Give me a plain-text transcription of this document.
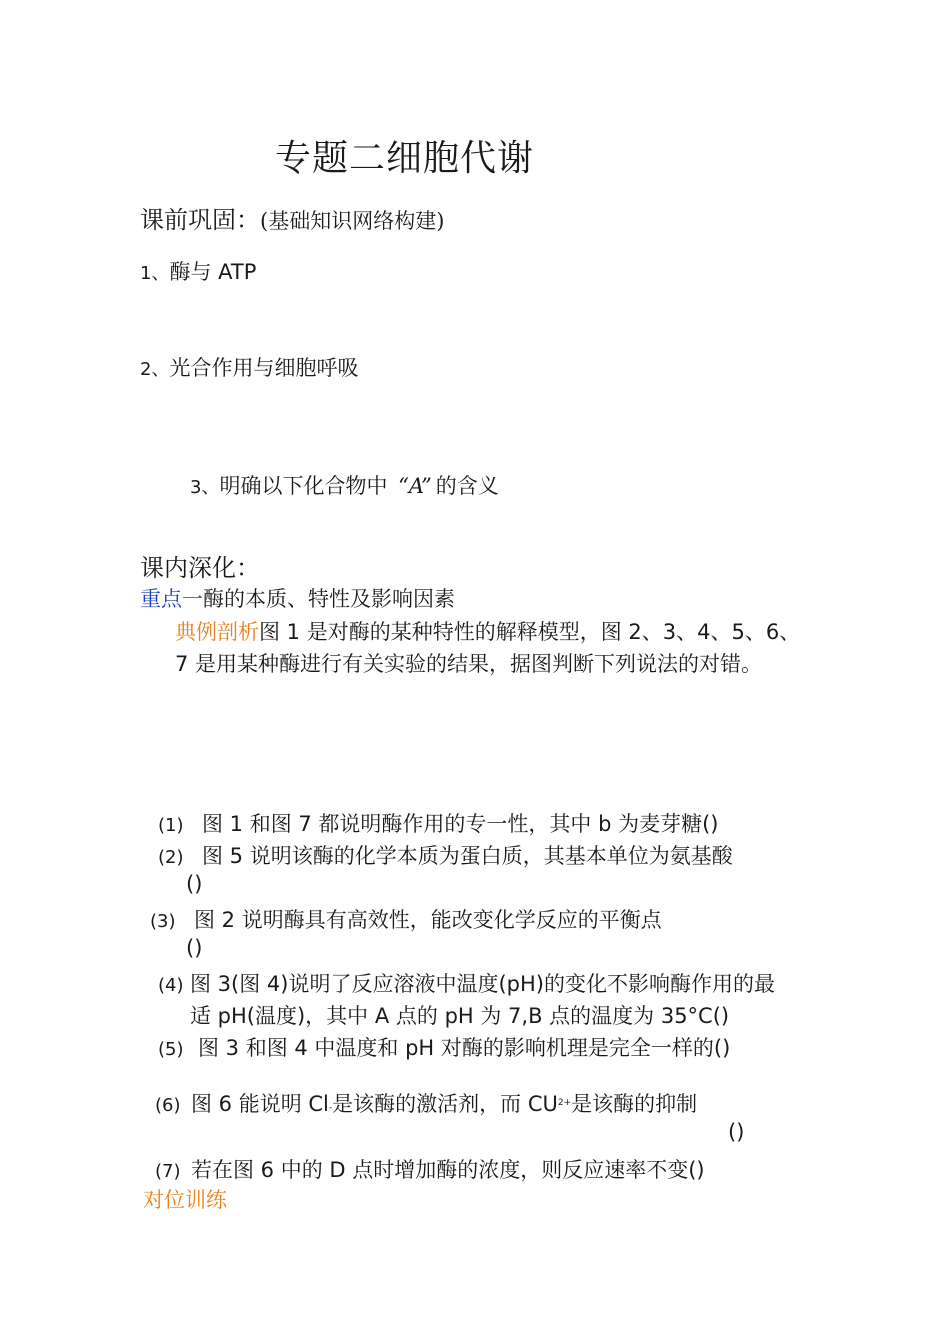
专题二细胞代谢
课前巩固：(基础知识网络构建)
1、酶与 ATP
2、光合作用与细胞呼吸
3、明确以下化合物中 “A” 的含义
课内深化：
重点一酶的本质、特性及影响因素
典例剖析图 1 是对酶的某种特性的解释模型，图 2、3、4、5、6、
7 是用某种酶进行有关实验的结果，据图判断下列说法的对错。
(1) 图 1 和图 7 都说明酶作用的专一性，其中 b 为麦芽糖()
(2) 图 5 说明该酶的化学本质为蛋白质，其基本单位为氨基酸
()
(3) 图 2 说明酶具有高效性，能改变化学反应的平衡点
()
(4) 图 3(图 4)说明了反应溶液中温度(pH)的变化不影响酶作用的最
适 pH(温度)，其中 A 点的 pH 为 7,B 点的温度为 35°C()
(5) 图 3 和图 4 中温度和 pH 对酶的影响机理是完全一样的()
(6) 图 6 能说明 Cl-是该酶的激活剂，而 $CU^{2+}$是该酶的抑制
()
(7) 若在图 6 中的 D 点时增加酶的浓度，则反应速率不变()
对位训练
